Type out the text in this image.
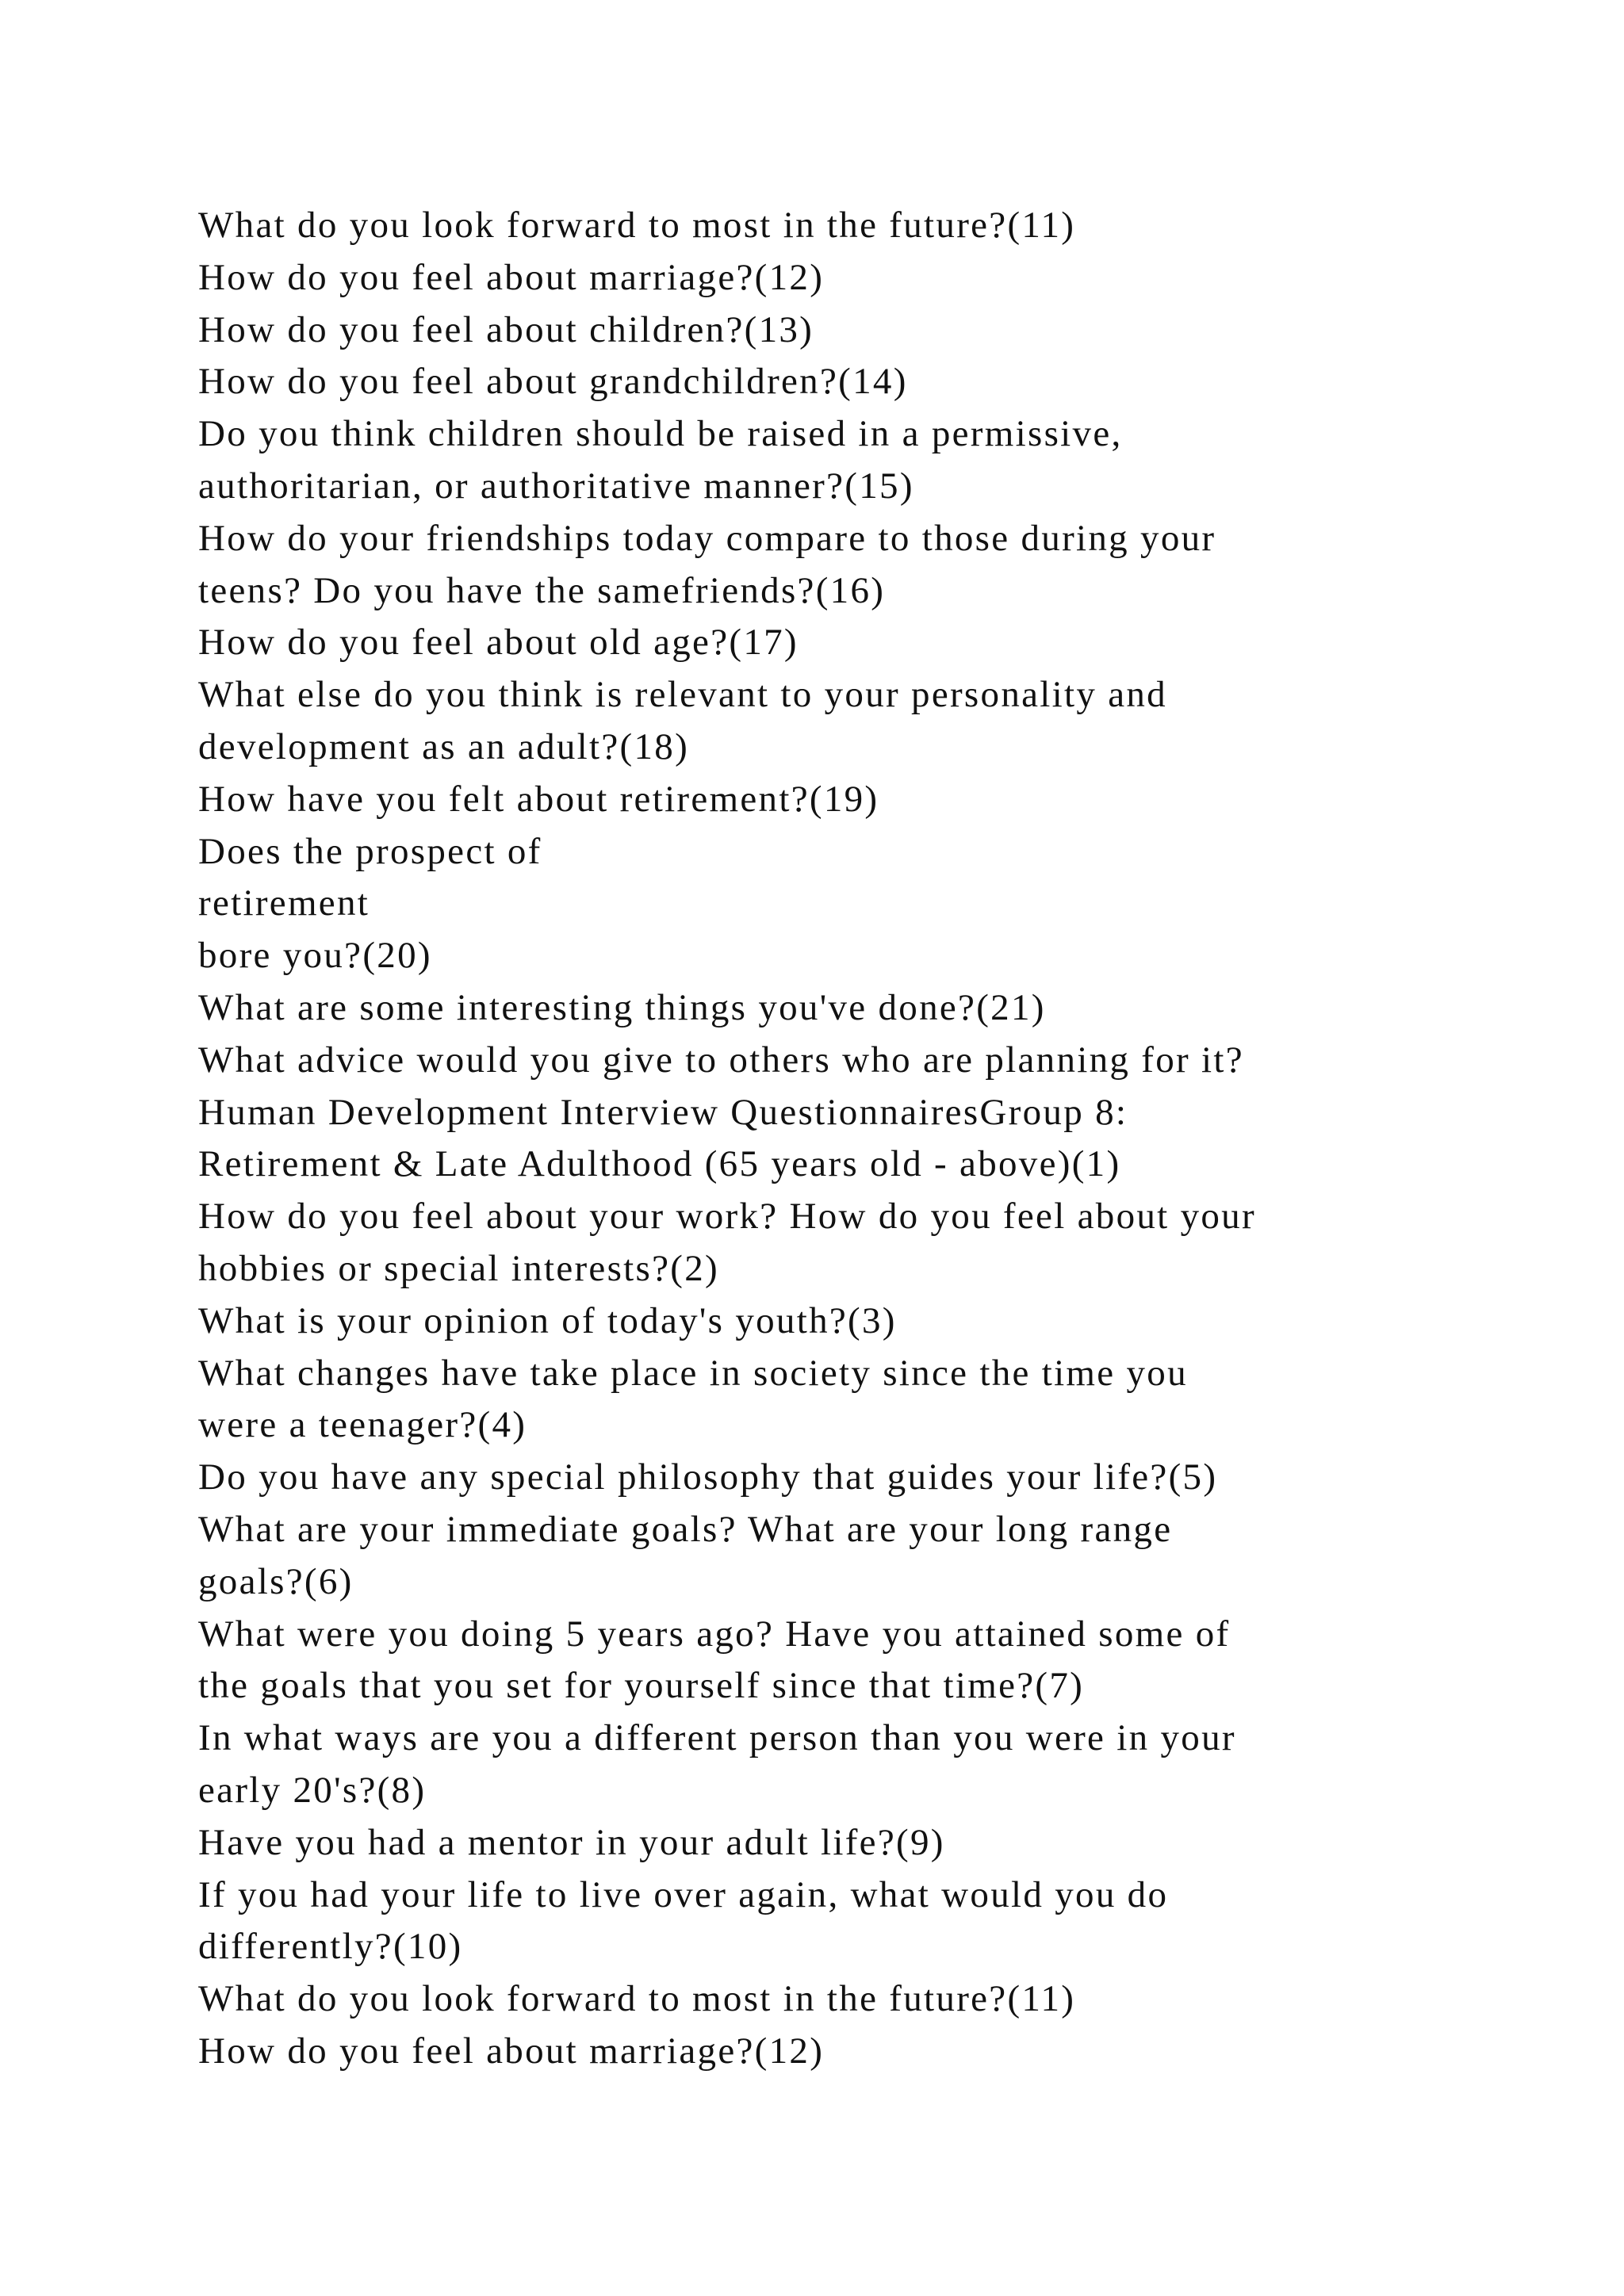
What do you look forward to most in the future?(11)
How do you feel about marriage?(12)
How do you feel about children?(13)
How do you feel about grandchildren?(14)
Do you think children should be raised in a permissive,
authoritarian, or authoritative manner?(15)
How do your friendships today compare to those during your
teens? Do you have the samefriends?(16)
How do you feel about old age?(17)
What else do you think is relevant to your personality and
development as an adult?(18)
How have you felt about retirement?(19)
Does the prospect of
retirement
bore you?(20)
What are some interesting things you've done?(21)
What advice would you give to others who are planning for it?
Human Development Interview QuestionnairesGroup 8:
Retirement & Late Adulthood (65 years old - above)(1)
How do you feel about your work? How do you feel about your
hobbies or special interests?(2)
What is your opinion of today's youth?(3)
What changes have take place in society since the time you
were a teenager?(4)
Do you have any special philosophy that guides your life?(5)
What are your immediate goals? What are your long range
goals?(6)
What were you doing 5 years ago? Have you attained some of
the goals that you set for yourself since that time?(7)
In what ways are you a different person than you were in your
early 20's?(8)
Have you had a mentor in your adult life?(9)
If you had your life to live over again, what would you do
differently?(10)
What do you look forward to most in the future?(11)
How do you feel about marriage?(12)
